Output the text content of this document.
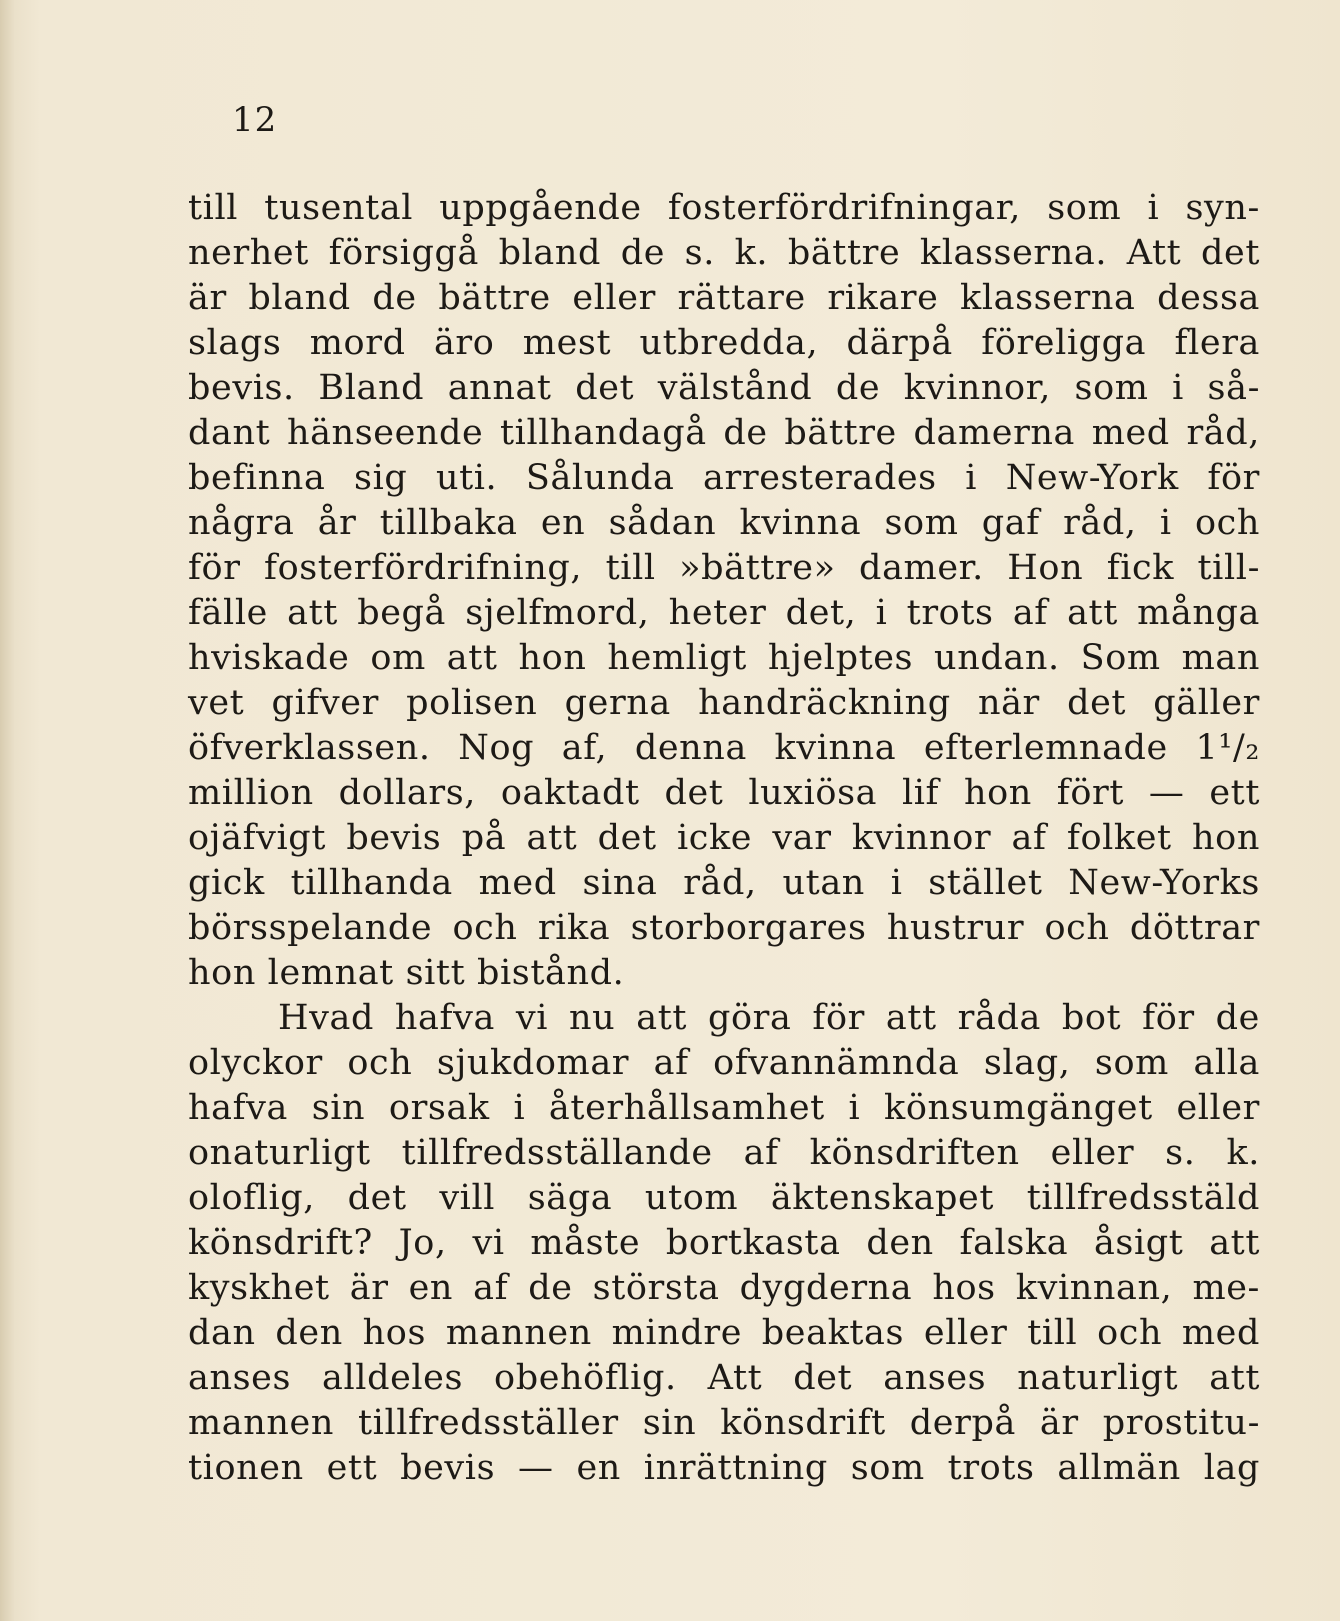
12
till tusental uppgående fosterfördrifningar, som i syn-
nerhet försiggå bland de s. k. bättre klasserna. Att det
är bland de bättre eller rättare rikare klasserna dessa
slags mord äro mest utbredda, därpå föreligga flera
bevis. Bland annat det välstånd de kvinnor, som i så-
dant hänseende tillhandagå de bättre damerna med råd,
befinna sig uti. Sålunda arresterades i New-York för
några år tillbaka en sådan kvinna som gaf råd, i och
för fosterfördrifning, till »bättre» damer. Hon fick till-
fälle att begå sjelfmord, heter det, i trots af att många
hviskade om att hon hemligt hjelptes undan. Som man
vet gifver polisen gerna handräckning när det gäller
öfverklassen. Nog af, denna kvinna efterlemnade 1¹/₂
million dollars, oaktadt det luxiösa lif hon fört — ett
ojäfvigt bevis på att det icke var kvinnor af folket hon
gick tillhanda med sina råd, utan i stället New-Yorks
börsspelande och rika storborgares hustrur och döttrar
hon lemnat sitt bistånd.
Hvad hafva vi nu att göra för att råda bot för de
olyckor och sjukdomar af ofvannämnda slag, som alla
hafva sin orsak i återhållsamhet i könsumgänget eller
onaturligt tillfredsställande af könsdriften eller s. k.
oloflig, det vill säga utom äktenskapet tillfredsstäld
könsdrift? Jo, vi måste bortkasta den falska åsigt att
kyskhet är en af de största dygderna hos kvinnan, me-
dan den hos mannen mindre beaktas eller till och med
anses alldeles obehöflig. Att det anses naturligt att
mannen tillfredsställer sin könsdrift derpå är prostitu-
tionen ett bevis — en inrättning som trots allmän lag
